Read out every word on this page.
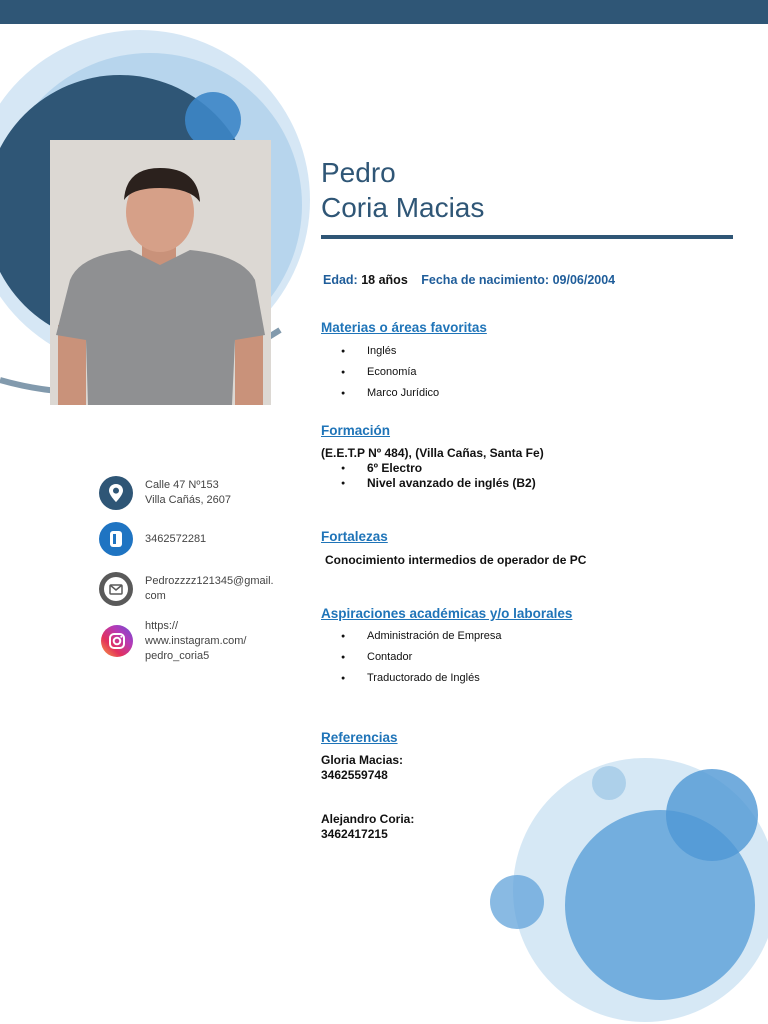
Pedro
Coria Macias
Edad: 18 años Fecha de nacimiento: 09/06/2004
Materias o áreas favoritas
● Inglés
● Economía
● Marco Jurídico
Formación
(E.E.T.P Nº 484), (Villa Cañas, Santa Fe)
● 6º Electro
● Nivel avanzado de inglés (B2)
Fortalezas
Conocimiento intermedios de operador de PC
Aspiraciones académicas y/o laborales
● Administración de Empresa
● Contador
● Traductorado de Inglés
Referencias
Gloria Macias:
3462559748
Alejandro Coria:
3462417215
Calle 47 Nº153
Villa Cañás, 2607
3462572281
Pedrozzzz121345@gmail.
com
https://
www.instagram.com/
pedro_coria5
